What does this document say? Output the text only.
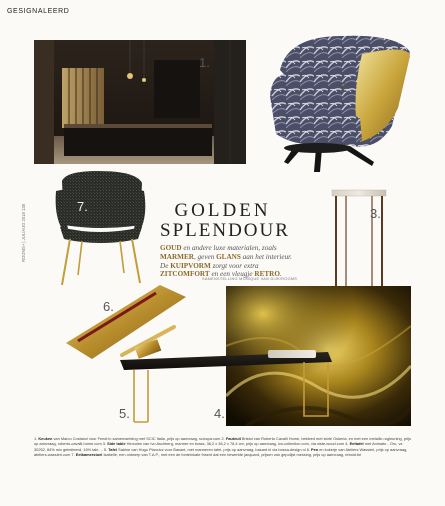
GESIGNALEERD
ROOMS+ | JUL/AUG 2018 138
1.
2.
7.	GOLDEN
SPLENDOUR
GOUD en andere luxe materialen, zoals MARMER, geven GLANS aan het interieur. De KUIPVORM zorgt voor extra ZITCOMFORT en een vleugje RETRO.
SAMENSTELLING MONIQUE VAN DIJK/ROOMS
3.
6.
5.	4.
1. Keuken van Marco Costanzi voor Fendi in samenwerking met SCIC Italia, prijs op aanvraag, scicspa.com 2. Fauteuil Bristol van Roberto Cavalli Home, bekleed met stofe Oskeria, en met een metallic rugleuning, prijs op aanvraag, roberto-cavalli-home.com 3. Side table Hercules van Ivo Aschberg, marmer en brass, 36,2 x 36,2 x 78,4 cm, prijs op aanvraag, ivo-collection.com, via siste-wood.com 4. Eettafel met Animato - Oro, vz. 30252, 84% mix geimiteerd, 16% tale ... 5. Tafel Sabine van Hugo Piancicz voor Basant, met marmeren tafel, prijs op aanvraag, basant.nl via bossa-design.nl 6. Pen en kokerje van Ateliers Wassieri, prijs op aanvraag, ateliers-wassieri.com 7. Eetkamerstoel Isabelle, een ontwerp van T.A.P., met een de fonteinkate frisent dat een bewerkte jacquard, prijsen van gepolijst messing, prijs op aanvraag, rebold.be
